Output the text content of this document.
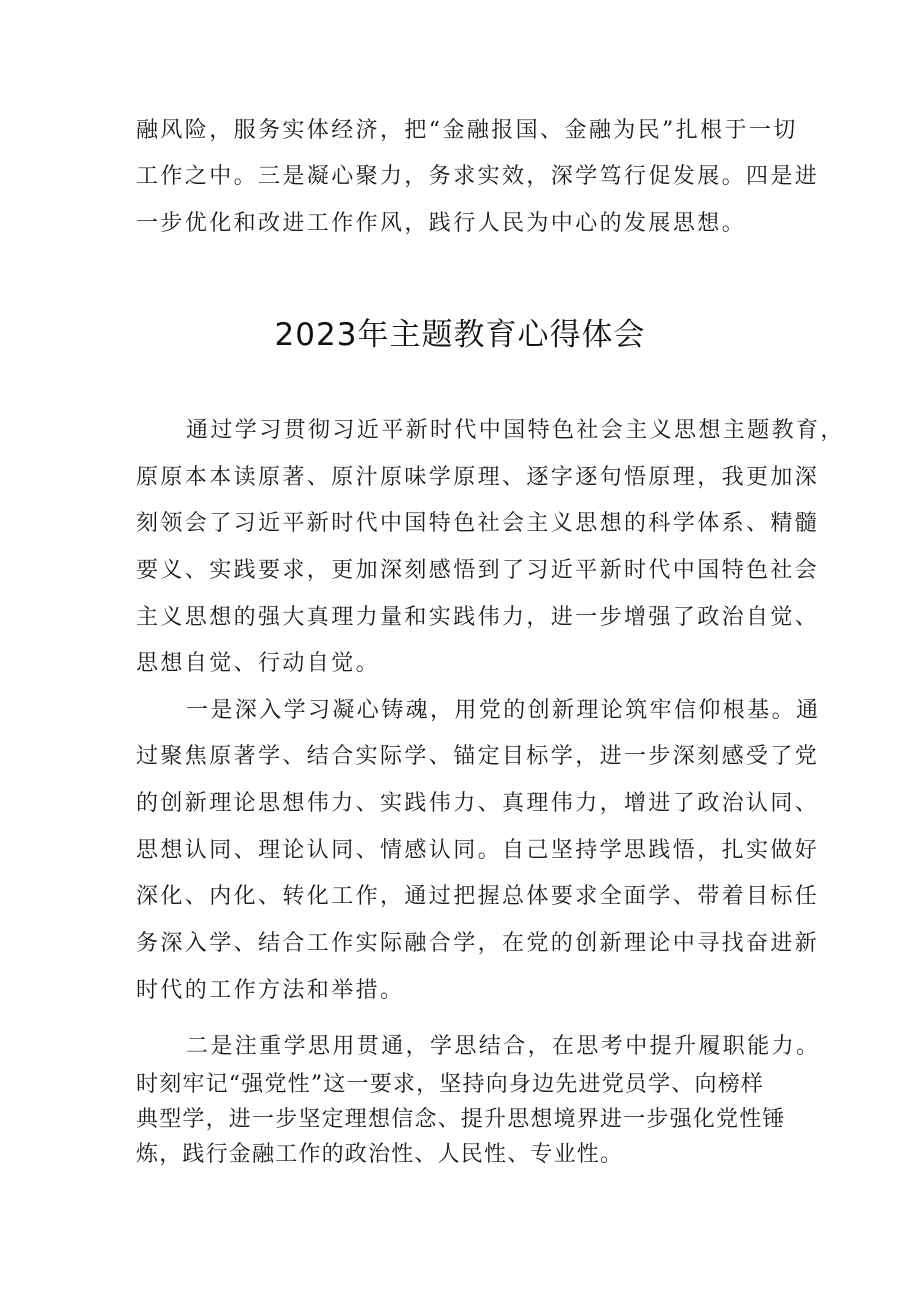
融风险，服务实体经济，把“金融报国、金融为民”扎根于一切
工作之中。三是凝心聚力，务求实效，深学笃行促发展。四是进
一步优化和改进工作作风，践行人民为中心的发展思想。
2023年主题教育心得体会
通过学习贯彻习近平新时代中国特色社会主义思想主题教育，
原原本本读原著、原汁原味学原理、逐字逐句悟原理，我更加深
刻领会了习近平新时代中国特色社会主义思想的科学体系、精髓
要义、实践要求，更加深刻感悟到了习近平新时代中国特色社会
主义思想的强大真理力量和实践伟力，进一步增强了政治自觉、
思想自觉、行动自觉。
一是深入学习凝心铸魂，用党的创新理论筑牢信仰根基。通
过聚焦原著学、结合实际学、锚定目标学，进一步深刻感受了党
的创新理论思想伟力、实践伟力、真理伟力，增进了政治认同、
思想认同、理论认同、情感认同。自己坚持学思践悟，扎实做好
深化、内化、转化工作，通过把握总体要求全面学、带着目标任
务深入学、结合工作实际融合学，在党的创新理论中寻找奋进新
时代的工作方法和举措。
二是注重学思用贯通，学思结合，在思考中提升履职能力。
时刻牢记“强党性”这一要求，坚持向身边先进党员学、向榜样
典型学，进一步坚定理想信念、提升思想境界进一步强化党性锤
炼，践行金融工作的政治性、人民性、专业性。
